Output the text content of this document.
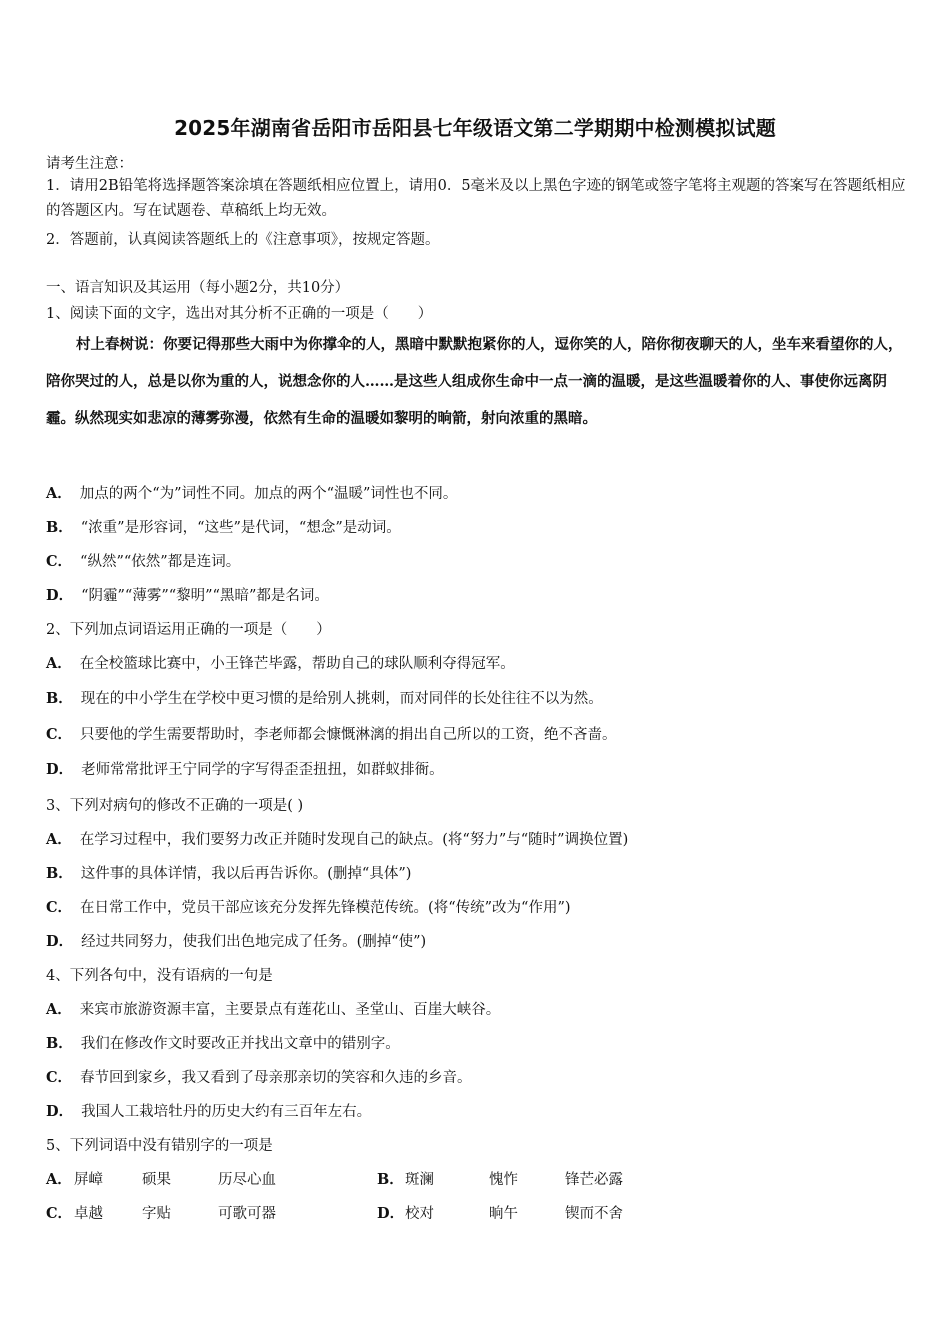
2025年湖南省岳阳市岳阳县七年级语文第二学期期中检测模拟试题
请考生注意：
1．请用2B铅笔将选择题答案涂填在答题纸相应位置上，请用0．5毫米及以上黑色字迹的钢笔或签字笔将主观题的答案写在答题纸相应的答题区内。写在试题卷、草稿纸上均无效。
2．答题前，认真阅读答题纸上的《注意事项》，按规定答题。
一、语言知识及其运用（每小题2分，共10分）
1、阅读下面的文字，选出对其分析不正确的一项是（　　）
村上春树说：你要记得那些大雨中为你撑伞的人，黑暗中默默抱紧你的人，逗你笑的人，陪你彻夜聊天的人，坐车来看望你的人，陪你哭过的人，总是以你为重的人，说想念你的人……是这些人组成你生命中一点一滴的温暖，是这些温暖着你的人、事使你远离阴霾。纵然现实如悲凉的薄雾弥漫，依然有生命的温暖如黎明的晌箭，射向浓重的黑暗。
A． 加点的两个“为”词性不同。加点的两个“温暖”词性也不同。
B． “浓重”是形容词，“这些”是代词，“想念”是动词。
C． “纵然”“依然”都是连词。
D． “阴霾”“薄雾”“黎明”“黑暗”都是名词。
2、下列加点词语运用正确的一项是（　　）
A． 在全校篮球比赛中，小王锋芒毕露，帮助自己的球队顺利夺得冠军。
B． 现在的中小学生在学校中更习惯的是给别人挑刺，而对同伴的长处往往不以为然。
C． 只要他的学生需要帮助时，李老师都会慷慨淋漓的捐出自己所以的工资，绝不吝啬。
D． 老师常常批评王宁同学的字写得歪歪扭扭，如群蚁排衙。
3、下列对病句的修改不正确的一项是( )
A． 在学习过程中，我们要努力改正并随时发现自己的缺点。(将“努力”与“随时”调换位置)
B． 这件事的具体详情，我以后再告诉你。(删掉“具体”)
C． 在日常工作中，党员干部应该充分发挥先锋模范传统。(将“传统”改为“作用”)
D． 经过共同努力，使我们出色地完成了任务。(删掉“使”)
4、下列各句中，没有语病的一句是
A． 来宾市旅游资源丰富，主要景点有莲花山、圣堂山、百崖大峡谷。
B． 我们在修改作文时要改正并找出文章中的错别字。
C． 春节回到家乡，我又看到了母亲那亲切的笑容和久违的乡音。
D． 我国人工栽培牡丹的历史大约有三百年左右。
5、下列词语中没有错别字的一项是
A． 屏嶂	硕果	历尽心血	B． 斑澜	愧怍	锋芒必露
C． 卓越	字贴	可歌可器	D． 校对	晌午	锲而不舍
